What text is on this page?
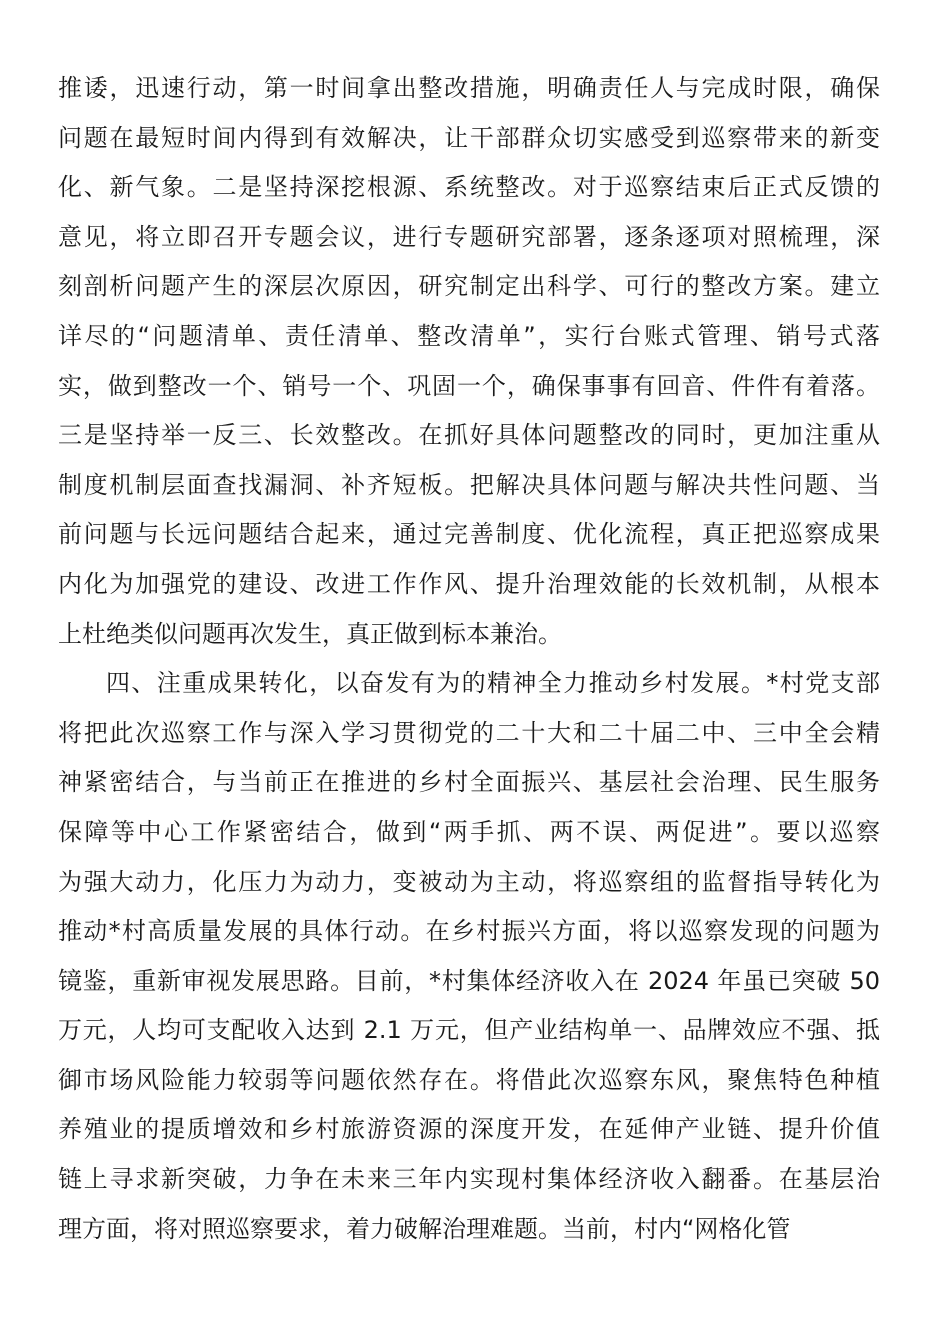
推诿，迅速行动，第一时间拿出整改措施，明确责任人与完成时限，确保
问题在最短时间内得到有效解决，让干部群众切实感受到巡察带来的新变
化、新气象。二是坚持深挖根源、系统整改。对于巡察结束后正式反馈的
意见，将立即召开专题会议，进行专题研究部署，逐条逐项对照梳理，深
刻剖析问题产生的深层次原因，研究制定出科学、可行的整改方案。建立
详尽的“问题清单、责任清单、整改清单”，实行台账式管理、销号式落
实，做到整改一个、销号一个、巩固一个，确保事事有回音、件件有着落。
三是坚持举一反三、长效整改。在抓好具体问题整改的同时，更加注重从
制度机制层面查找漏洞、补齐短板。把解决具体问题与解决共性问题、当
前问题与长远问题结合起来，通过完善制度、优化流程，真正把巡察成果
内化为加强党的建设、改进工作作风、提升治理效能的长效机制，从根本
上杜绝类似问题再次发生，真正做到标本兼治。
四、注重成果转化，以奋发有为的精神全力推动乡村发展。*村党支部
将把此次巡察工作与深入学习贯彻党的二十大和二十届二中、三中全会精
神紧密结合，与当前正在推进的乡村全面振兴、基层社会治理、民生服务
保障等中心工作紧密结合，做到“两手抓、两不误、两促进”。要以巡察
为强大动力，化压力为动力，变被动为主动，将巡察组的监督指导转化为
推动*村高质量发展的具体行动。在乡村振兴方面，将以巡察发现的问题为
镜鉴，重新审视发展思路。目前，*村集体经济收入在 2024 年虽已突破 50
万元，人均可支配收入达到 2.1 万元，但产业结构单一、品牌效应不强、抵
御市场风险能力较弱等问题依然存在。将借此次巡察东风，聚焦特色种植
养殖业的提质增效和乡村旅游资源的深度开发，在延伸产业链、提升价值
链上寻求新突破，力争在未来三年内实现村集体经济收入翻番。在基层治
理方面，将对照巡察要求，着力破解治理难题。当前，村内“网格化管
